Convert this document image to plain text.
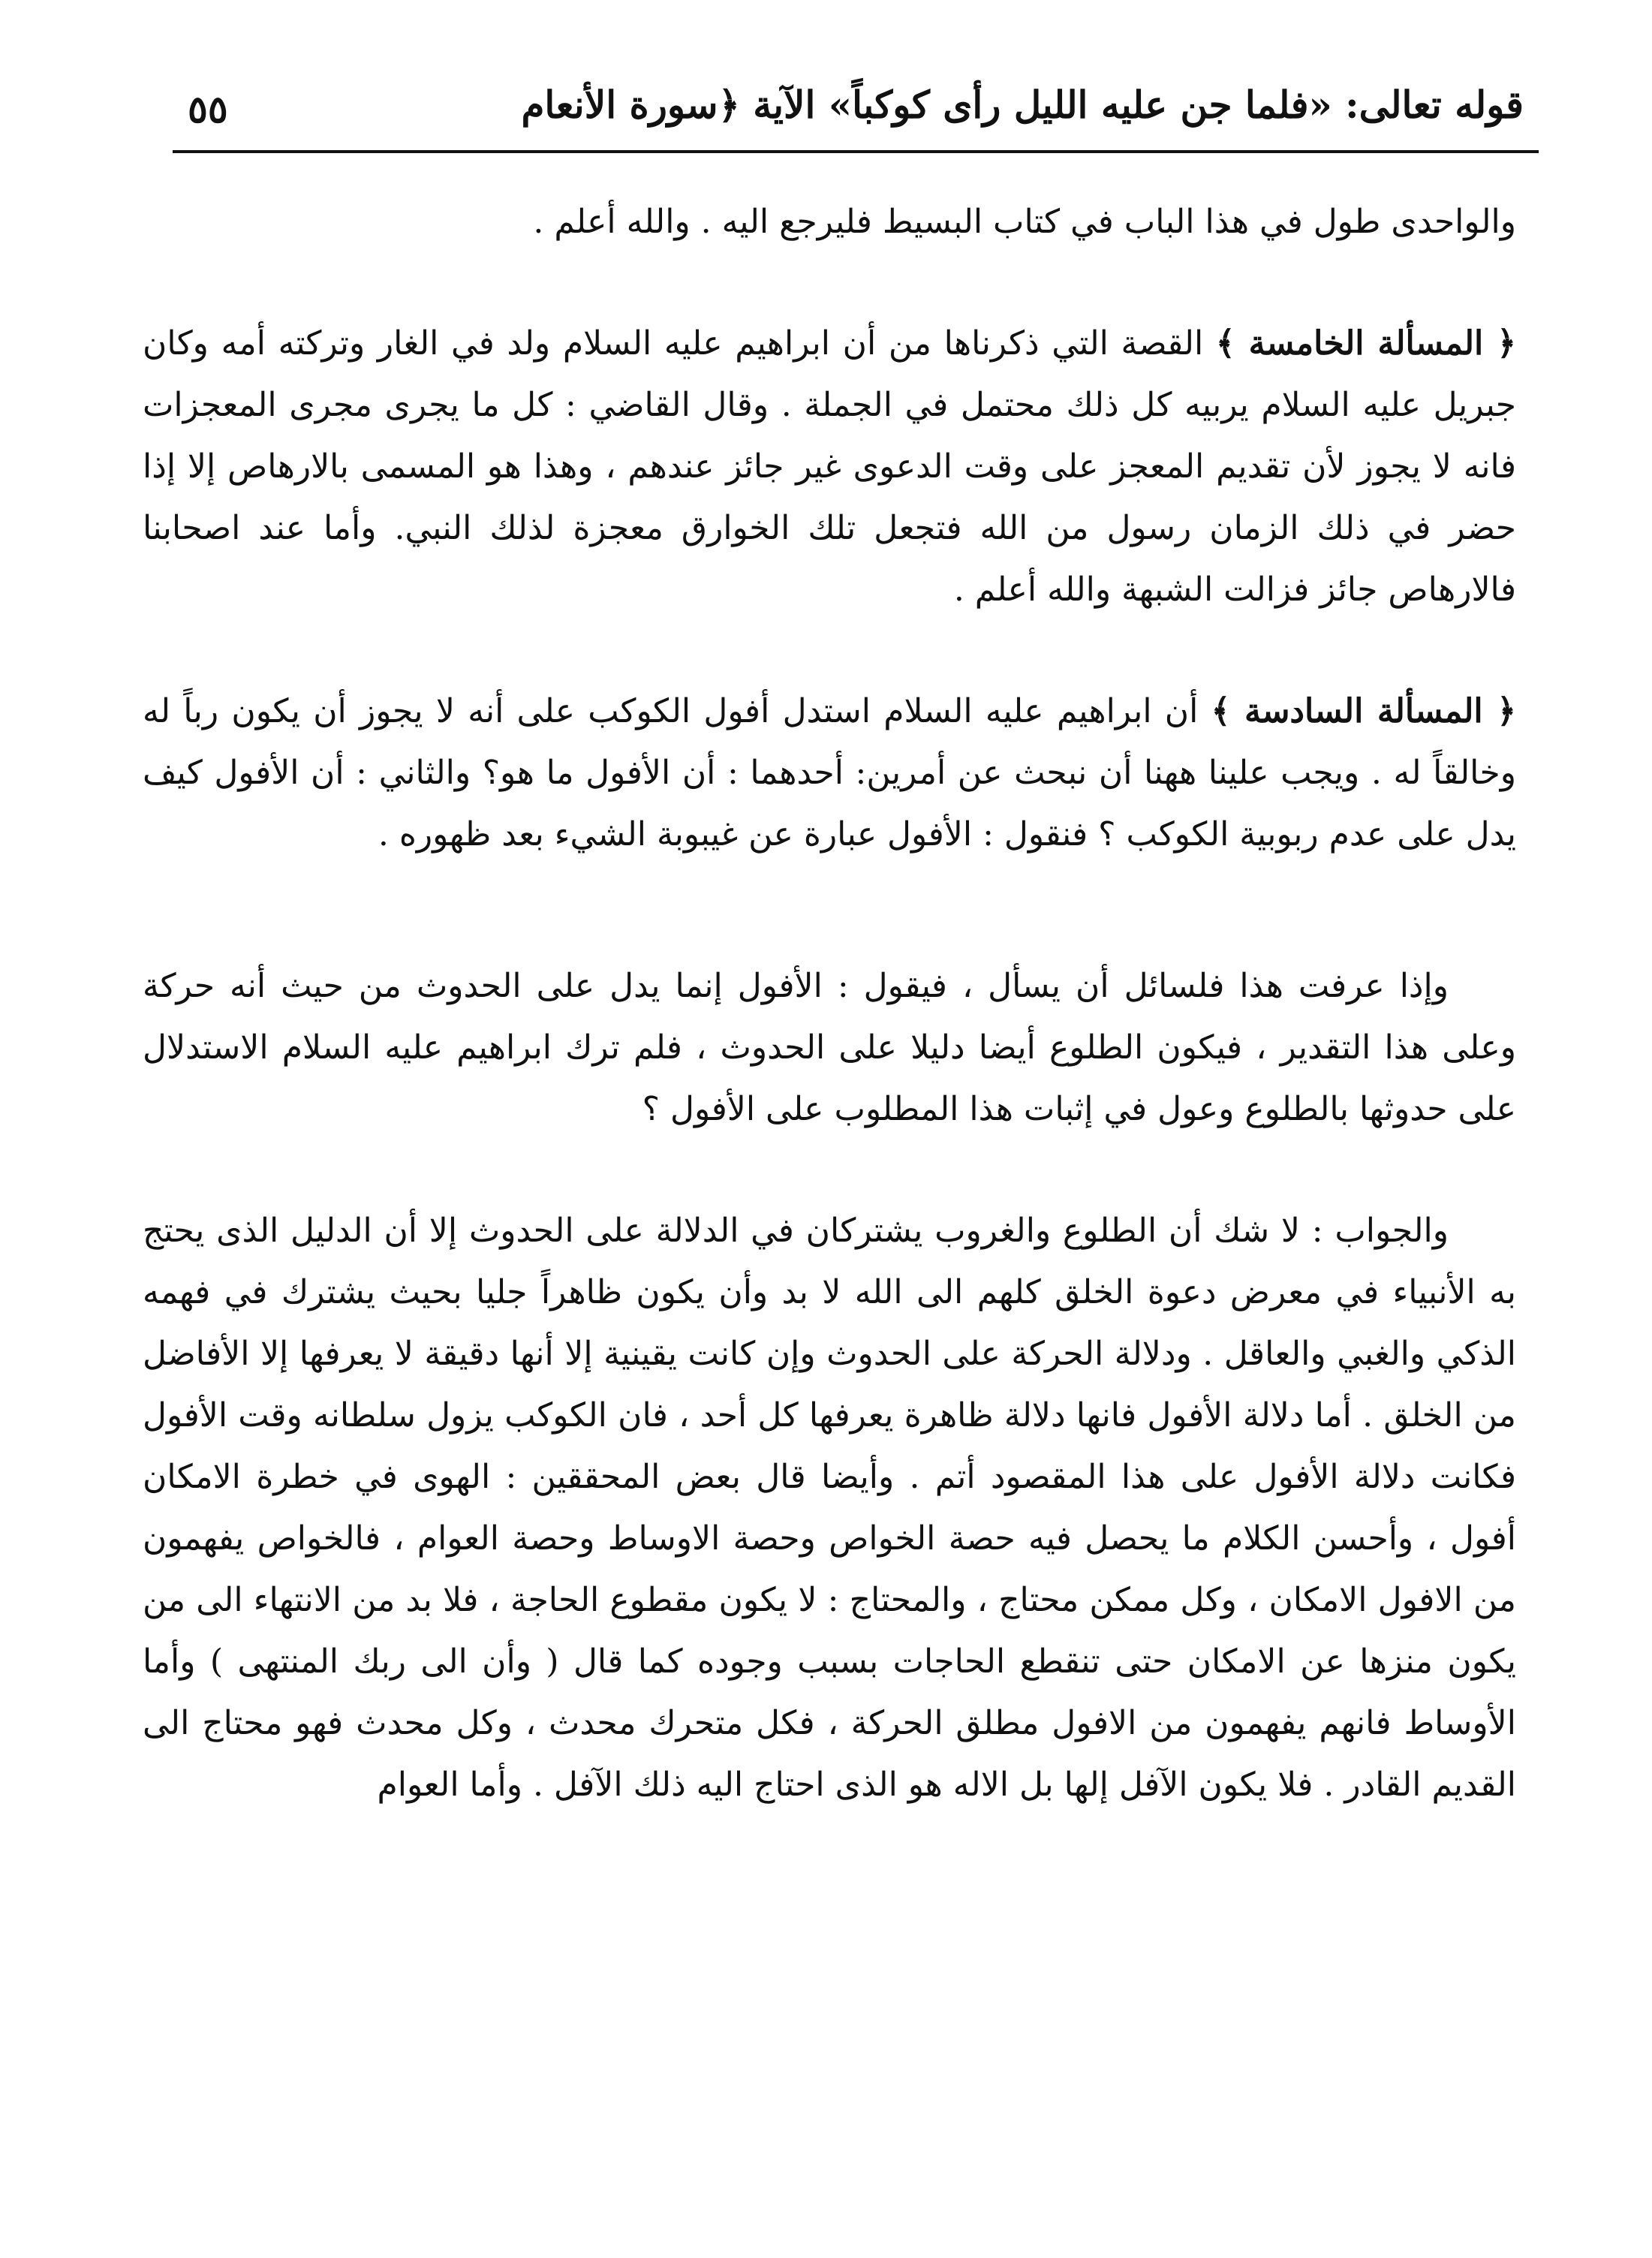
قوله تعالى: «فلما جن عليه الليل رأى كوكباً» الآية ﴿سورة الأنعام
٥٥

والواحدى طول في هذا الباب في كتاب البسيط فليرجع اليه . والله أعلم .

﴿ المسألة الخامسة ﴾ القصة التي ذكرناها من أن ابراهيم عليه السلام ولد في الغار وتركته أمه وكان جبريل عليه السلام يربيه كل ذلك محتمل في الجملة . وقال القاضي : كل ما يجرى مجرى المعجزات فانه لا يجوز لأن تقديم المعجز على وقت الدعوى غير جائز عندهم ، وهذا هو المسمى بالارهاص إلا إذا حضر في ذلك الزمان رسول من الله فتجعل تلك الخوارق معجزة لذلك النبي. وأما عند اصحابنا فالارهاص جائز فزالت الشبهة والله أعلم .

﴿ المسألة السادسة ﴾ أن ابراهيم عليه السلام استدل أفول الكوكب على أنه لا يجوز أن يكون رباً له وخالقاً له . ويجب علينا ههنا أن نبحث عن أمرين: أحدهما : أن الأفول ما هو؟ والثاني : أن الأفول كيف يدل على عدم ربوبية الكوكب ؟ فنقول : الأفول عبارة عن غيبوبة الشيء بعد ظهوره .

وإذا عرفت هذا فلسائل أن يسأل ، فيقول : الأفول إنما يدل على الحدوث من حيث أنه حركة وعلى هذا التقدير ، فيكون الطلوع أيضا دليلا على الحدوث ، فلم ترك ابراهيم عليه السلام الاستدلال على حدوثها بالطلوع وعول في إثبات هذا المطلوب على الأفول ؟

والجواب : لا شك أن الطلوع والغروب يشتركان في الدلالة على الحدوث إلا أن الدليل الذى يحتج به الأنبياء في معرض دعوة الخلق كلهم الى الله لا بد وأن يكون ظاهراً جليا بحيث يشترك في فهمه الذكي والغبي والعاقل . ودلالة الحركة على الحدوث وإن كانت يقينية إلا أنها دقيقة لا يعرفها إلا الأفاضل من الخلق . أما دلالة الأفول فانها دلالة ظاهرة يعرفها كل أحد ، فان الكوكب يزول سلطانه وقت الأفول فكانت دلالة الأفول على هذا المقصود أتم . وأيضا قال بعض المحققين : الهوى في خطرة الامكان أفول ، وأحسن الكلام ما يحصل فيه حصة الخواص وحصة الاوساط وحصة العوام ، فالخواص يفهمون من الافول الامكان ، وكل ممكن محتاج ، والمحتاج : لا يكون مقطوع الحاجة ، فلا بد من الانتهاء الى من يكون منزها عن الامكان حتى تنقطع الحاجات بسبب وجوده كما قال ( وأن الى ربك المنتهى ) وأما الأوساط فانهم يفهمون من الافول مطلق الحركة ، فكل متحرك محدث ، وكل محدث فهو محتاج الى القديم القادر . فلا يكون الآفل إلها بل الاله هو الذى احتاج اليه ذلك الآفل . وأما العوام
